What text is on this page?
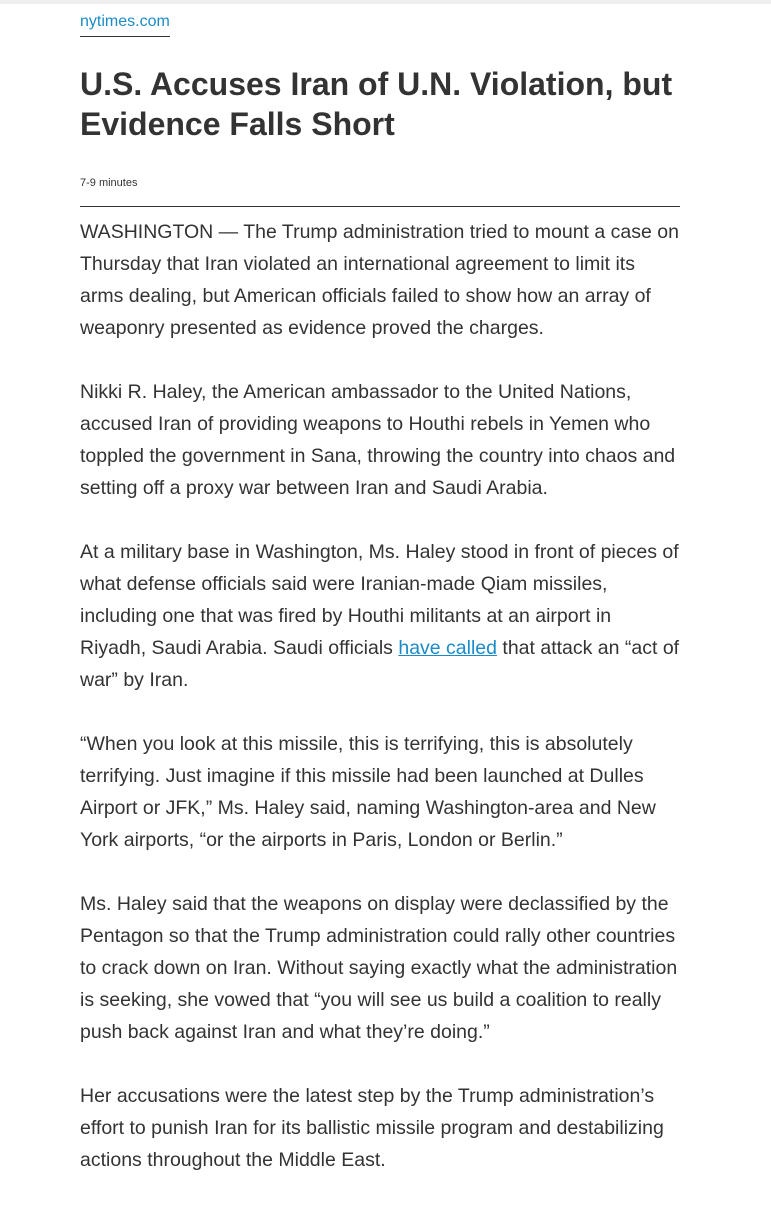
nytimes.com
U.S. Accuses Iran of U.N. Violation, but Evidence Falls Short
7-9 minutes

WASHINGTON — The Trump administration tried to mount a case on Thursday that Iran violated an international agreement to limit its arms dealing, but American officials failed to show how an array of weaponry presented as evidence proved the charges.

Nikki R. Haley, the American ambassador to the United Nations, accused Iran of providing weapons to Houthi rebels in Yemen who toppled the government in Sana, throwing the country into chaos and setting off a proxy war between Iran and Saudi Arabia.

At a military base in Washington, Ms. Haley stood in front of pieces of what defense officials said were Iranian-made Qiam missiles, including one that was fired by Houthi militants at an airport in Riyadh, Saudi Arabia. Saudi officials have called that attack an “act of war” by Iran.

“When you look at this missile, this is terrifying, this is absolutely terrifying. Just imagine if this missile had been launched at Dulles Airport or JFK,” Ms. Haley said, naming Washington-area and New York airports, “or the airports in Paris, London or Berlin.”

Ms. Haley said that the weapons on display were declassified by the Pentagon so that the Trump administration could rally other countries to crack down on Iran. Without saying exactly what the administration is seeking, she vowed that “you will see us build a coalition to really push back against Iran and what they’re doing.”

Her accusations were the latest step by the Trump administration’s effort to punish Iran for its ballistic missile program and destabilizing actions throughout the Middle East.
